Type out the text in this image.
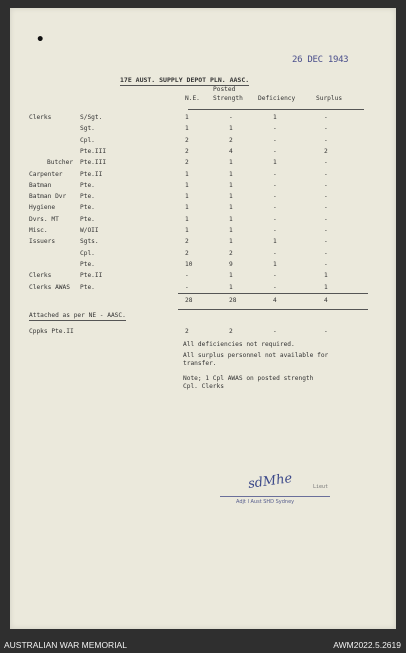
•
26 DEC 1943
17E AUST. SUPPLY DEPOT PLN. AASC.
Posted
N.E. Strength Deficiency	Surplus
Clerks	S/Sgt.	1	-	1	-
Sgt.	1	1	-	-
Cpl.	2	2	-	-
Pte.III	2	4	-	2
Butcher Pte.III	2	1	1	-
Carpenter	Pte.II	1	1	-	-
Batman	Pte.	1	1	-	-
Batman Dvr Pte.	1	1	-	-
Hygiene	Pte.	1	1	-	-
Dvrs. MT	Pte.	1	1	-	-
Misc.	W/OII	1	1	-	-
Issuers	Sgts.	2	1	1	-
Cpl.	2	2	-	-
Pte.	10	9	1	-
Clerks	Pte.II	-	1	-	1
Clerks AWAS Pte.	-	1	-	1
28	28	4	4
Attached as per NE - AASC.
Cppks Pte.II	2	2	-	-
All deficiencies not required.
All surplus personnel not available for
transfer.
Note; 1 Cpl AWAS on posted strength
Cpl. Clerks
sdMhe	Lieut
Adjt I Aust SHD Sydney
AUSTRALIAN WAR MEMORIAL	AWM2022.5.2619
